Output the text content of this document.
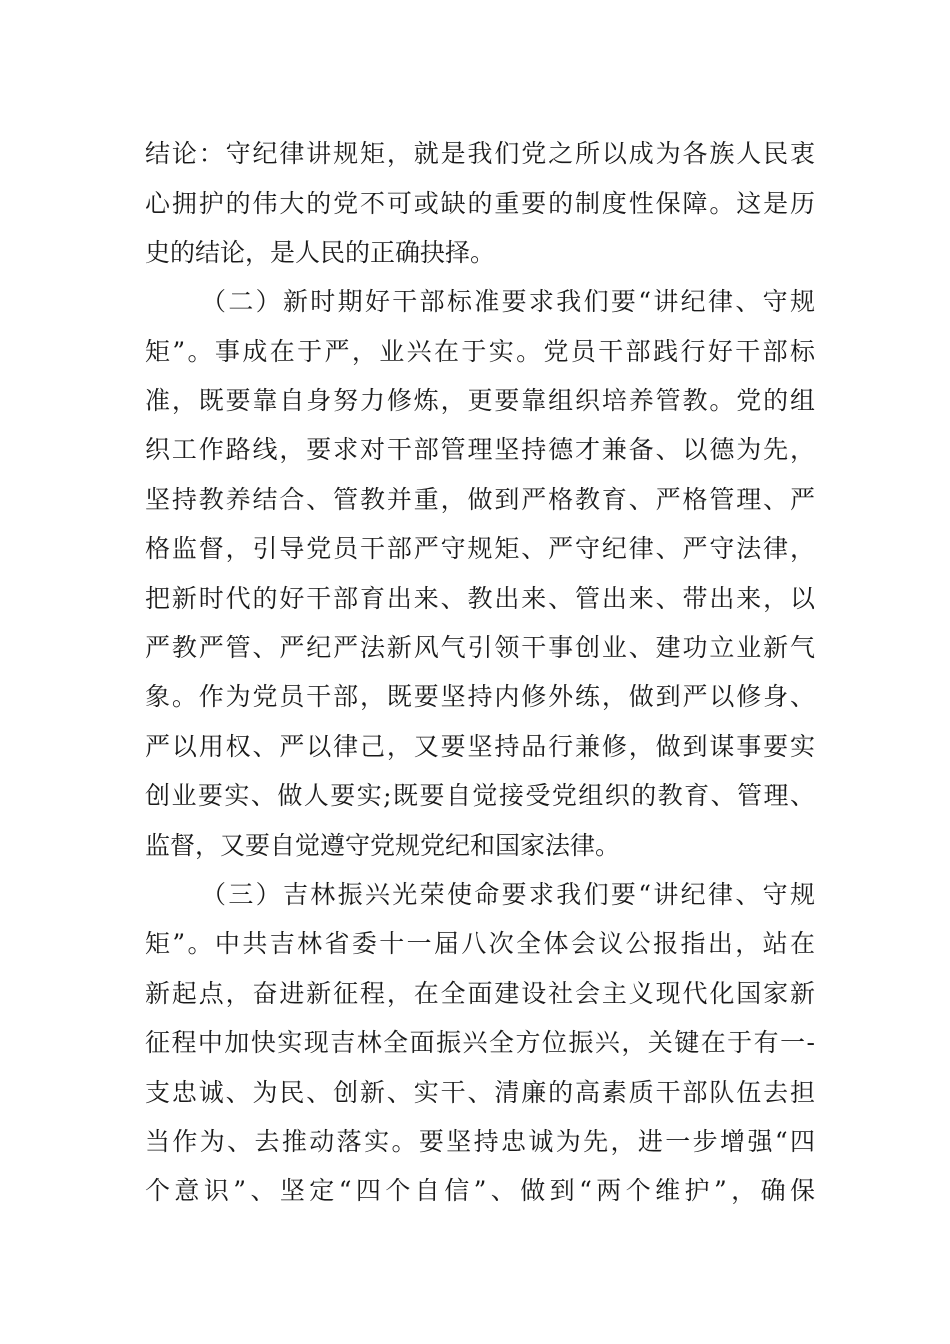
结论：守纪律讲规矩，就是我们党之所以成为各族人民衷
心拥护的伟大的党不可或缺的重要的制度性保障。这是历
史的结论，是人民的正确抉择。
（二）新时期好干部标准要求我们要“讲纪律、守规
矩”。事成在于严，业兴在于实。党员干部践行好干部标
准，既要靠自身努力修炼，更要靠组织培养管教。党的组
织工作路线，要求对干部管理坚持德才兼备、以德为先，
坚持教养结合、管教并重，做到严格教育、严格管理、严
格监督，引导党员干部严守规矩、严守纪律、严守法律，
把新时代的好干部育出来、教出来、管出来、带出来，以
严教严管、严纪严法新风气引领干事创业、建功立业新气
象。作为党员干部，既要坚持内修外练，做到严以修身、
严以用权、严以律己，又要坚持品行兼修，做到谋事要实
创业要实、做人要实;既要自觉接受党组织的教育、管理、
监督，又要自觉遵守党规党纪和国家法律。
（三）吉林振兴光荣使命要求我们要“讲纪律、守规
矩”。中共吉林省委十一届八次全体会议公报指出，站在
新起点，奋进新征程，在全面建设社会主义现代化国家新
征程中加快实现吉林全面振兴全方位振兴，关键在于有一-
支忠诚、为民、创新、实干、清廉的高素质干部队伍去担
当作为、去推动落实。要坚持忠诚为先，进一步增强“四
个意识”、坚定“四个自信”、做到“两个维护”，确保
